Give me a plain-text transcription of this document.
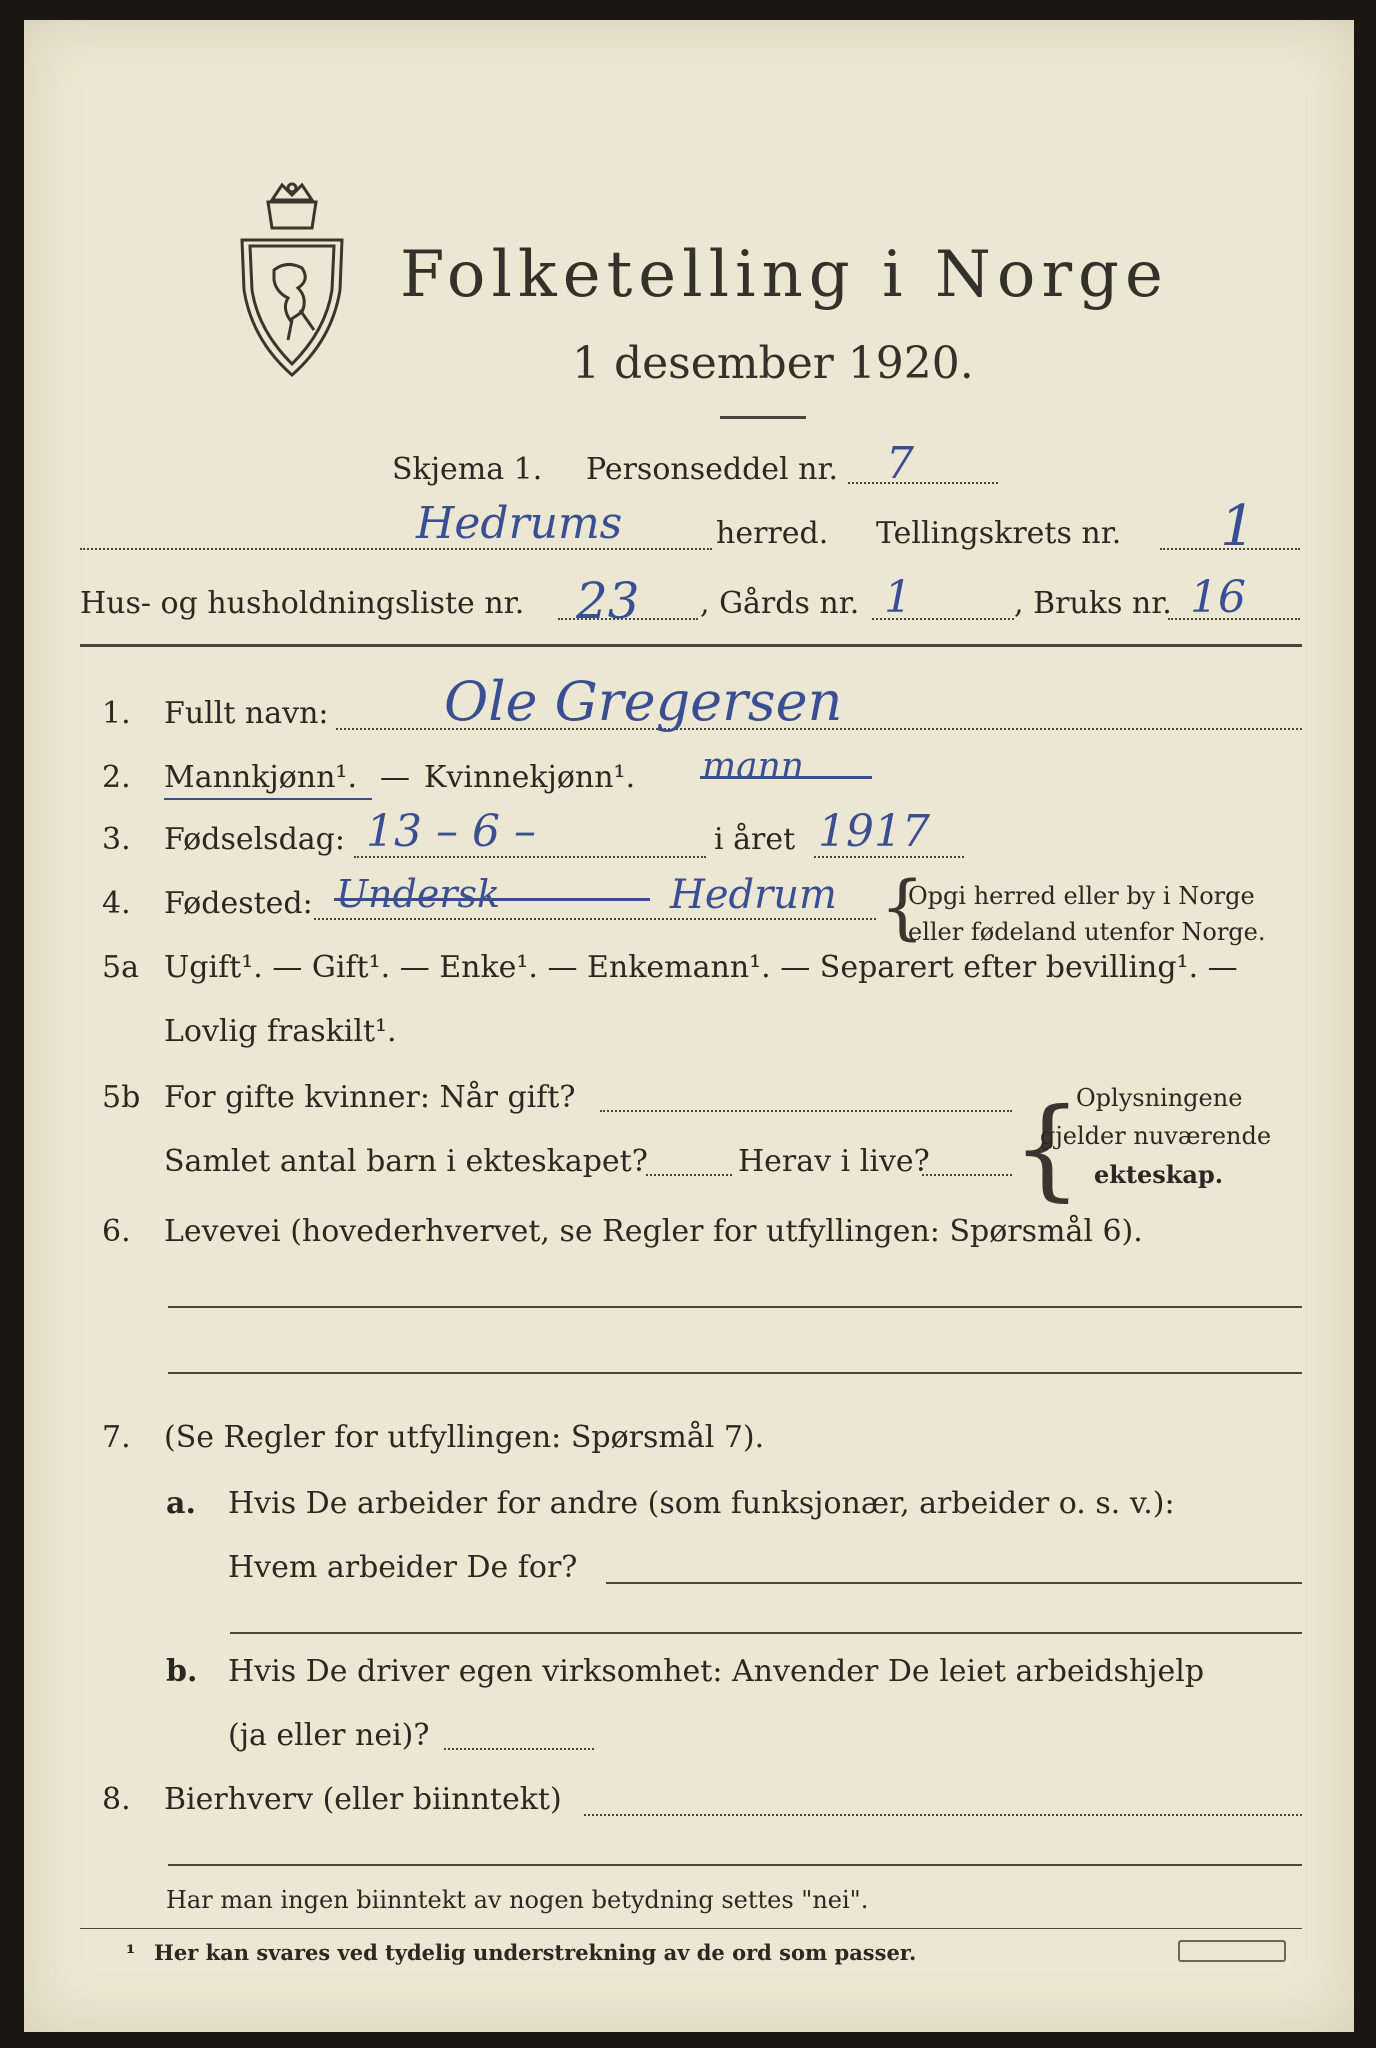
Folketelling i Norge
1 desember 1920.
Skjema 1. Personseddel nr. 7
Hedrums	herred. Tellingskrets nr. 1
Hus- og husholdningsliste nr. 23 , Gårds nr. 1	, Bruks nr. 16
1. Fullt navn: Ole Gregersen
2. Mannkjønn¹. — Kvinnekjønn¹. mann
3. Fødselsdag: 13 – 6 –	i året 1917
4. Fødested: Undersk	Hedrum {
Opgi herred eller by i Norge
eller fødeland utenfor Norge.
5a Ugift¹. — Gift¹. — Enke¹. — Enkemann¹. — Separert efter bevilling¹. —
Lovlig fraskilt¹.
5b For gifte kvinner: Når gift?
Samlet antal barn i ekteskapet?	Herav i live? {
Oplysningene
gjelder nuværende
ekteskap.
6. Levevei (hovederhvervet, se Regler for utfyllingen: Spørsmål 6).
7. (Se Regler for utfyllingen: Spørsmål 7).
a. Hvis De arbeider for andre (som funksjonær, arbeider o. s. v.):
Hvem arbeider De for?
b. Hvis De driver egen virksomhet: Anvender De leiet arbeidshjelp
(ja eller nei)?
8. Bierhverv (eller biinntekt)
Har man ingen biinntekt av nogen betydning settes "nei".
¹ Her kan svares ved tydelig understrekning av de ord som passer.
